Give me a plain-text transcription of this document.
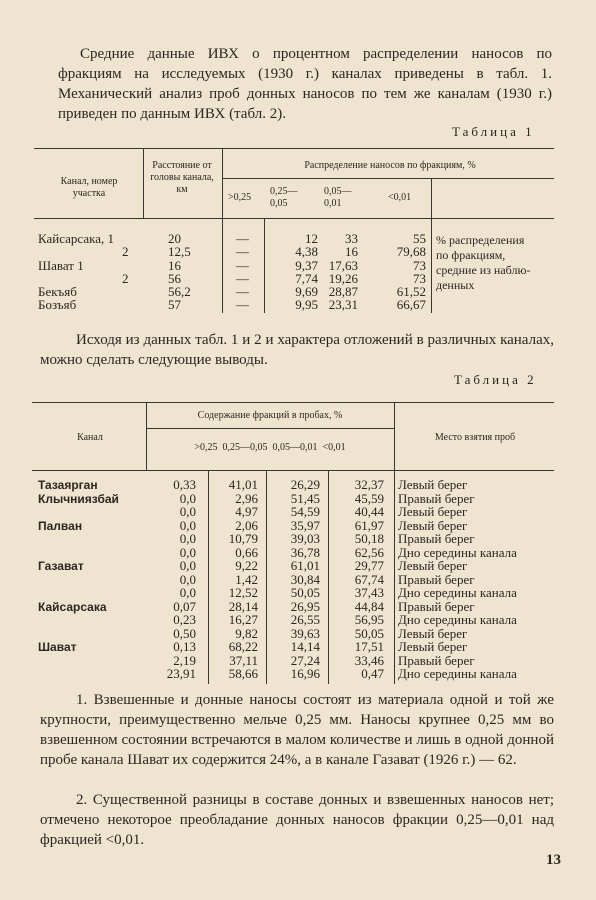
Средние данные ИВХ о процентном распределении наносов по фракциям на исследуемых (1930 г.) каналах приведены в табл. 1. Механический анализ проб донных наносов по тем же каналам (1930 г.) приведен по данным ИВХ (табл. 2).

Таблица 1
Канал, номер участка
Расстояние от головы канала, км
Распределение наносов по фракциям, %
>0,25
0,25—0,05
0,05—0,01
<0,01
Кайсарсака, 1	20	—	12	33	55
2	12,5	—	4,38	16	79,68
Шават 1	16	—	9,37 17,63	73
2	56	—	7,74 19,26	73
Бекъяб	56,2	—	9,69 28,87	61,52
Бозъяб	57	—	9,95 23,31	66,67
% распределения
по фракциям,
средние из наблю-
денных

Исходя из данных табл. 1 и 2 и характера отложений в различных каналах, можно сделать следующие выводы.

Таблица 2
Канал
Содержание фракций в пробах, %
>0,25  0,25—0,05  0,05—0,01  <0,01
Место взятия проб
Тазаярган	0,33	41,01	26,29	32,37 Левый берег
Клычниязбай	0,0	2,96	51,45	45,59 Правый берег
0,0	4,97	54,59	40,44 Левый берег
Палван	0,0	2,06	35,97	61,97 Левый берег
0,0	10,79	39,03	50,18 Правый берег
0,0	0,66	36,78	62,56 Дно середины канала
Газават	0,0	9,22	61,01	29,77 Левый берег
0,0	1,42	30,84	67,74 Правый берег
0,0	12,52	50,05	37,43 Дно середины канала
Кайсарсака	0,07	28,14	26,95	44,84 Правый берег
0,23	16,27	26,55	56,95 Дно середины канала
0,50	9,82	39,63	50,05 Левый берег
Шават	0,13	68,22	14,14	17,51 Левый берег
2,19	37,11	27,24	33,46 Правый берег
23,91	58,66	16,96	0,47 Дно середины канала

1. Взвешенные и донные наносы состоят из материала одной и той же крупности, преимущественно мельче 0,25 мм. Наносы крупнее 0,25 мм во взвешенном состоянии встречаются в малом количестве и лишь в одной донной пробе канала Шават их содержится 24%, а в канале Газават (1926 г.) — 62.

2. Существенной разницы в составе донных и взвешенных наносов нет; отмечено некоторое преобладание донных наносов фракции 0,25—0,01 над фракцией <0,01.

13
